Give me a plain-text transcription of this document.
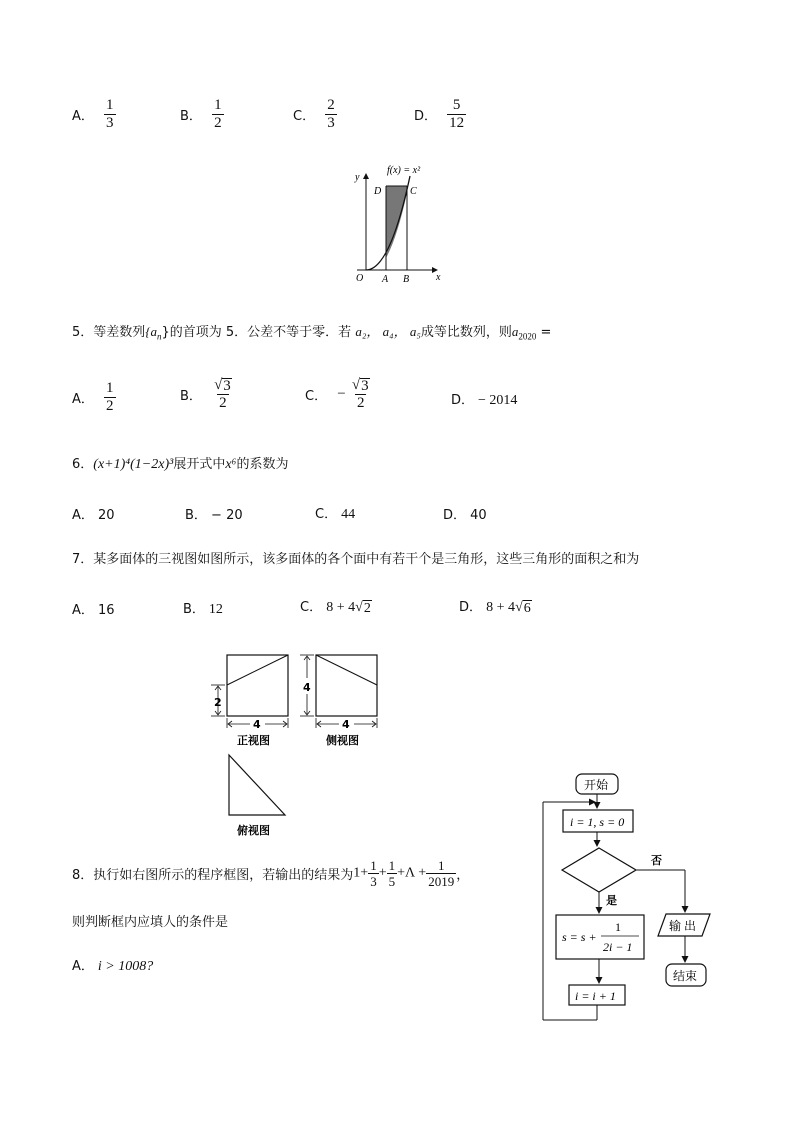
A． $\frac{1}{3}$	B． $\frac{1}{2}$	C． $\frac{2}{3}$	D． $\frac{5}{12}$
f(x) = x²
y
x
O A B
C
D
5．等差数列$\{a_n\}$的首项为 5．公差不等于零．若 a₂， a₄， a₅成等比数列，则$a_{2020}$ =
A． $\frac{1}{2}$	B． $\frac{√ 3}{2}$	C． − $\frac{√ 3}{2}$	D． − 2014
6．(x+1)⁴(1−2x)³展开式中x⁶的系数为
A． 20	B． − 20	C． 44	D． 40
7．某多面体的三视图如图所示，该多面体的各个面中有若干个是三角形，这些三角形的面积之和为
A． 16	B． 12	C． 8 + 4√ 2	D． 8 + 4√ 6
2
4
正视图
4
4
侧视图
俯视图
8．执行如右图所示的程序框图，若输出的结果为$1+ \frac{1}{3} + \frac{1}{5} +\Lambda + \frac{1}{2019}$ ，
则判断框内应填人的条件是
A． i > 1008?
开始
i = 1, s = 0
否
输 出
结束
是
s = s +
1
2i − 1
i = i + 1
